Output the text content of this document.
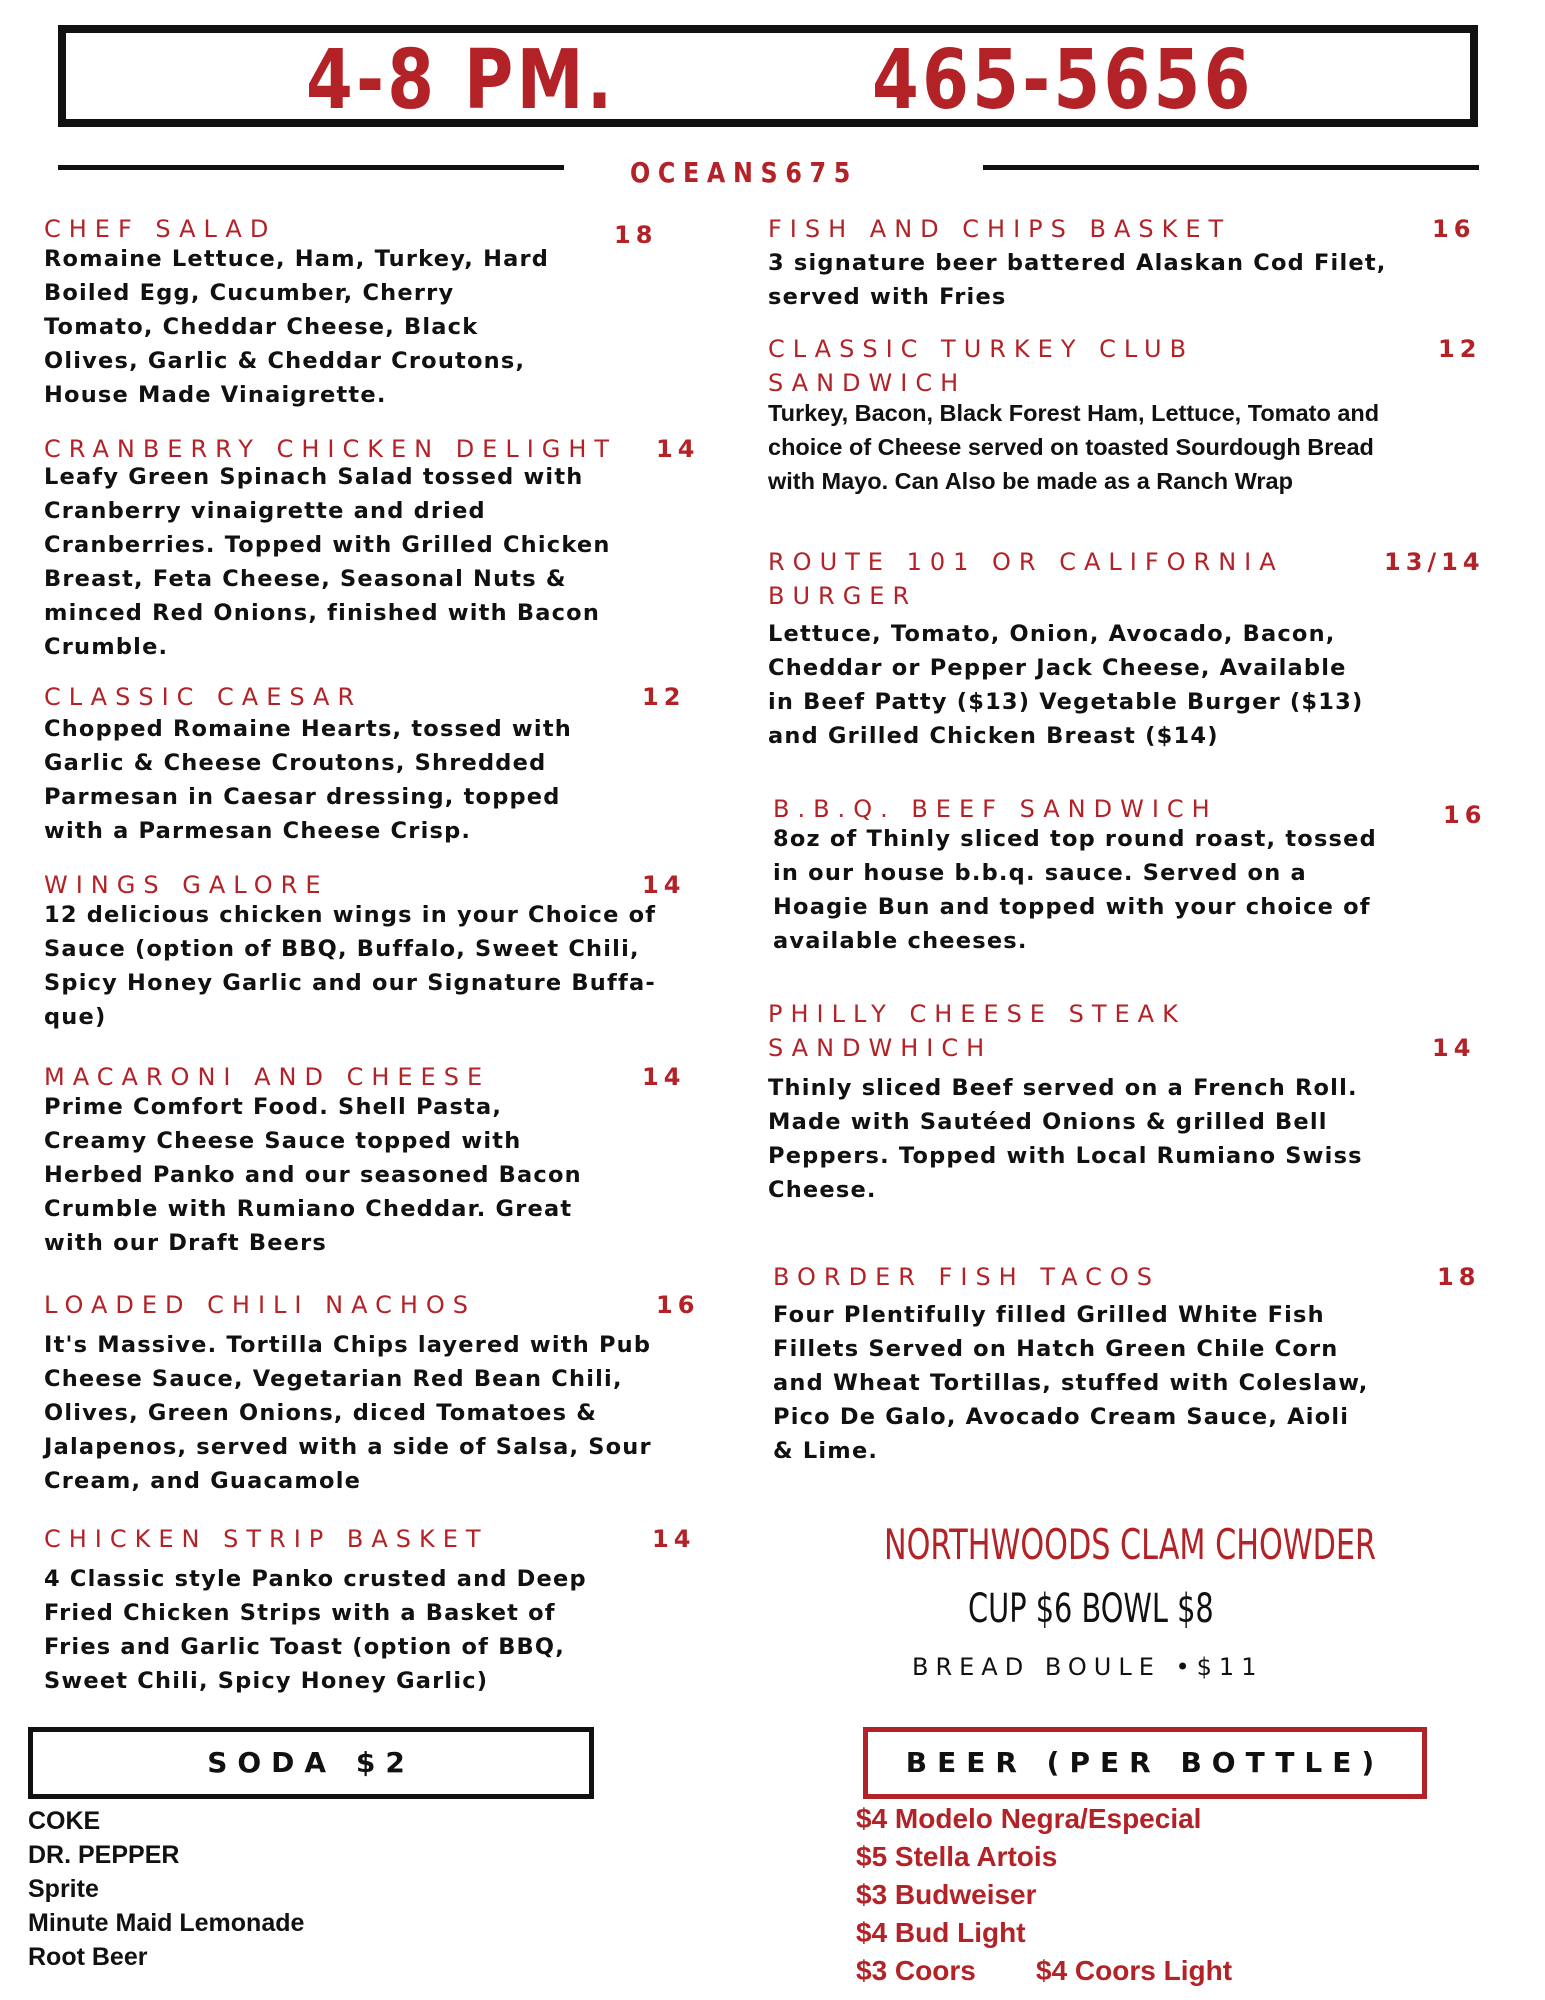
4-8 PM.	465-5656
OCEANS675
CHEF SALAD	18
Romaine Lettuce, Ham, Turkey, Hard Boiled Egg, Cucumber, Cherry Tomato, Cheddar Cheese, Black Olives, Garlic & Cheddar Croutons, House Made Vinaigrette.
CRANBERRY CHICKEN DELIGHT 14
Leafy Green Spinach Salad tossed with Cranberry vinaigrette and dried Cranberries. Topped with Grilled Chicken Breast, Feta Cheese, Seasonal Nuts & minced Red Onions, finished with Bacon Crumble.
CLASSIC CAESAR	12
Chopped Romaine Hearts, tossed with Garlic & Cheese Croutons, Shredded Parmesan in Caesar dressing, topped with a Parmesan Cheese Crisp.
WINGS GALORE	14
12 delicious chicken wings in your Choice of Sauce (option of BBQ, Buffalo, Sweet Chili, Spicy Honey Garlic and our Signature Buffa-que)
MACARONI AND CHEESE	14
Prime Comfort Food. Shell Pasta, Creamy Cheese Sauce topped with Herbed Panko and our seasoned Bacon Crumble with Rumiano Cheddar. Great with our Draft Beers
LOADED CHILI NACHOS	16
It's Massive. Tortilla Chips layered with Pub Cheese Sauce, Vegetarian Red Bean Chili, Olives, Green Onions, diced Tomatoes & Jalapenos, served with a side of Salsa, Sour Cream, and Guacamole
CHICKEN STRIP BASKET	14
4 Classic style Panko crusted and Deep Fried Chicken Strips with a Basket of Fries and Garlic Toast (option of BBQ, Sweet Chili, Spicy Honey Garlic)
FISH AND CHIPS BASKET	16
3 signature beer battered Alaskan Cod Filet, served with Fries
CLASSIC TURKEY CLUB
SANDWICH
12
Turkey, Bacon, Black Forest Ham, Lettuce, Tomato and choice of Cheese served on toasted Sourdough Bread with Mayo. Can Also be made as a Ranch Wrap
ROUTE 101 OR CALIFORNIA
BURGER
13/14
Lettuce, Tomato, Onion, Avocado, Bacon, Cheddar or Pepper Jack Cheese, Available in Beef Patty ($13) Vegetable Burger ($13) and Grilled Chicken Breast ($14)
B.B.Q. BEEF SANDWICH	16
8oz of Thinly sliced top round roast, tossed in our house b.b.q. sauce. Served on a Hoagie Bun and topped with your choice of available cheeses.
PHILLY CHEESE STEAK
SANDWHICH	14
Thinly sliced Beef served on a French Roll. Made with Sautéed Onions & grilled Bell Peppers. Topped with Local Rumiano Swiss Cheese.
BORDER FISH TACOS	18
Four Plentifully filled Grilled White Fish Fillets Served on Hatch Green Chile Corn and Wheat Tortillas, stuffed with Coleslaw, Pico De Galo, Avocado Cream Sauce, Aioli & Lime.
NORTHWOODS CLAM CHOWDER
CUP $6 BOWL $8
BREAD BOULE •$11
SODA $2
COKE
DR. PEPPER
Sprite
Minute Maid Lemonade
Root Beer
BEER (PER BOTTLE)
$4 Modelo Negra/Especial
$5 Stella Artois
$3 Budweiser
$4 Bud Light
$3 Coors $4 Coors Light
